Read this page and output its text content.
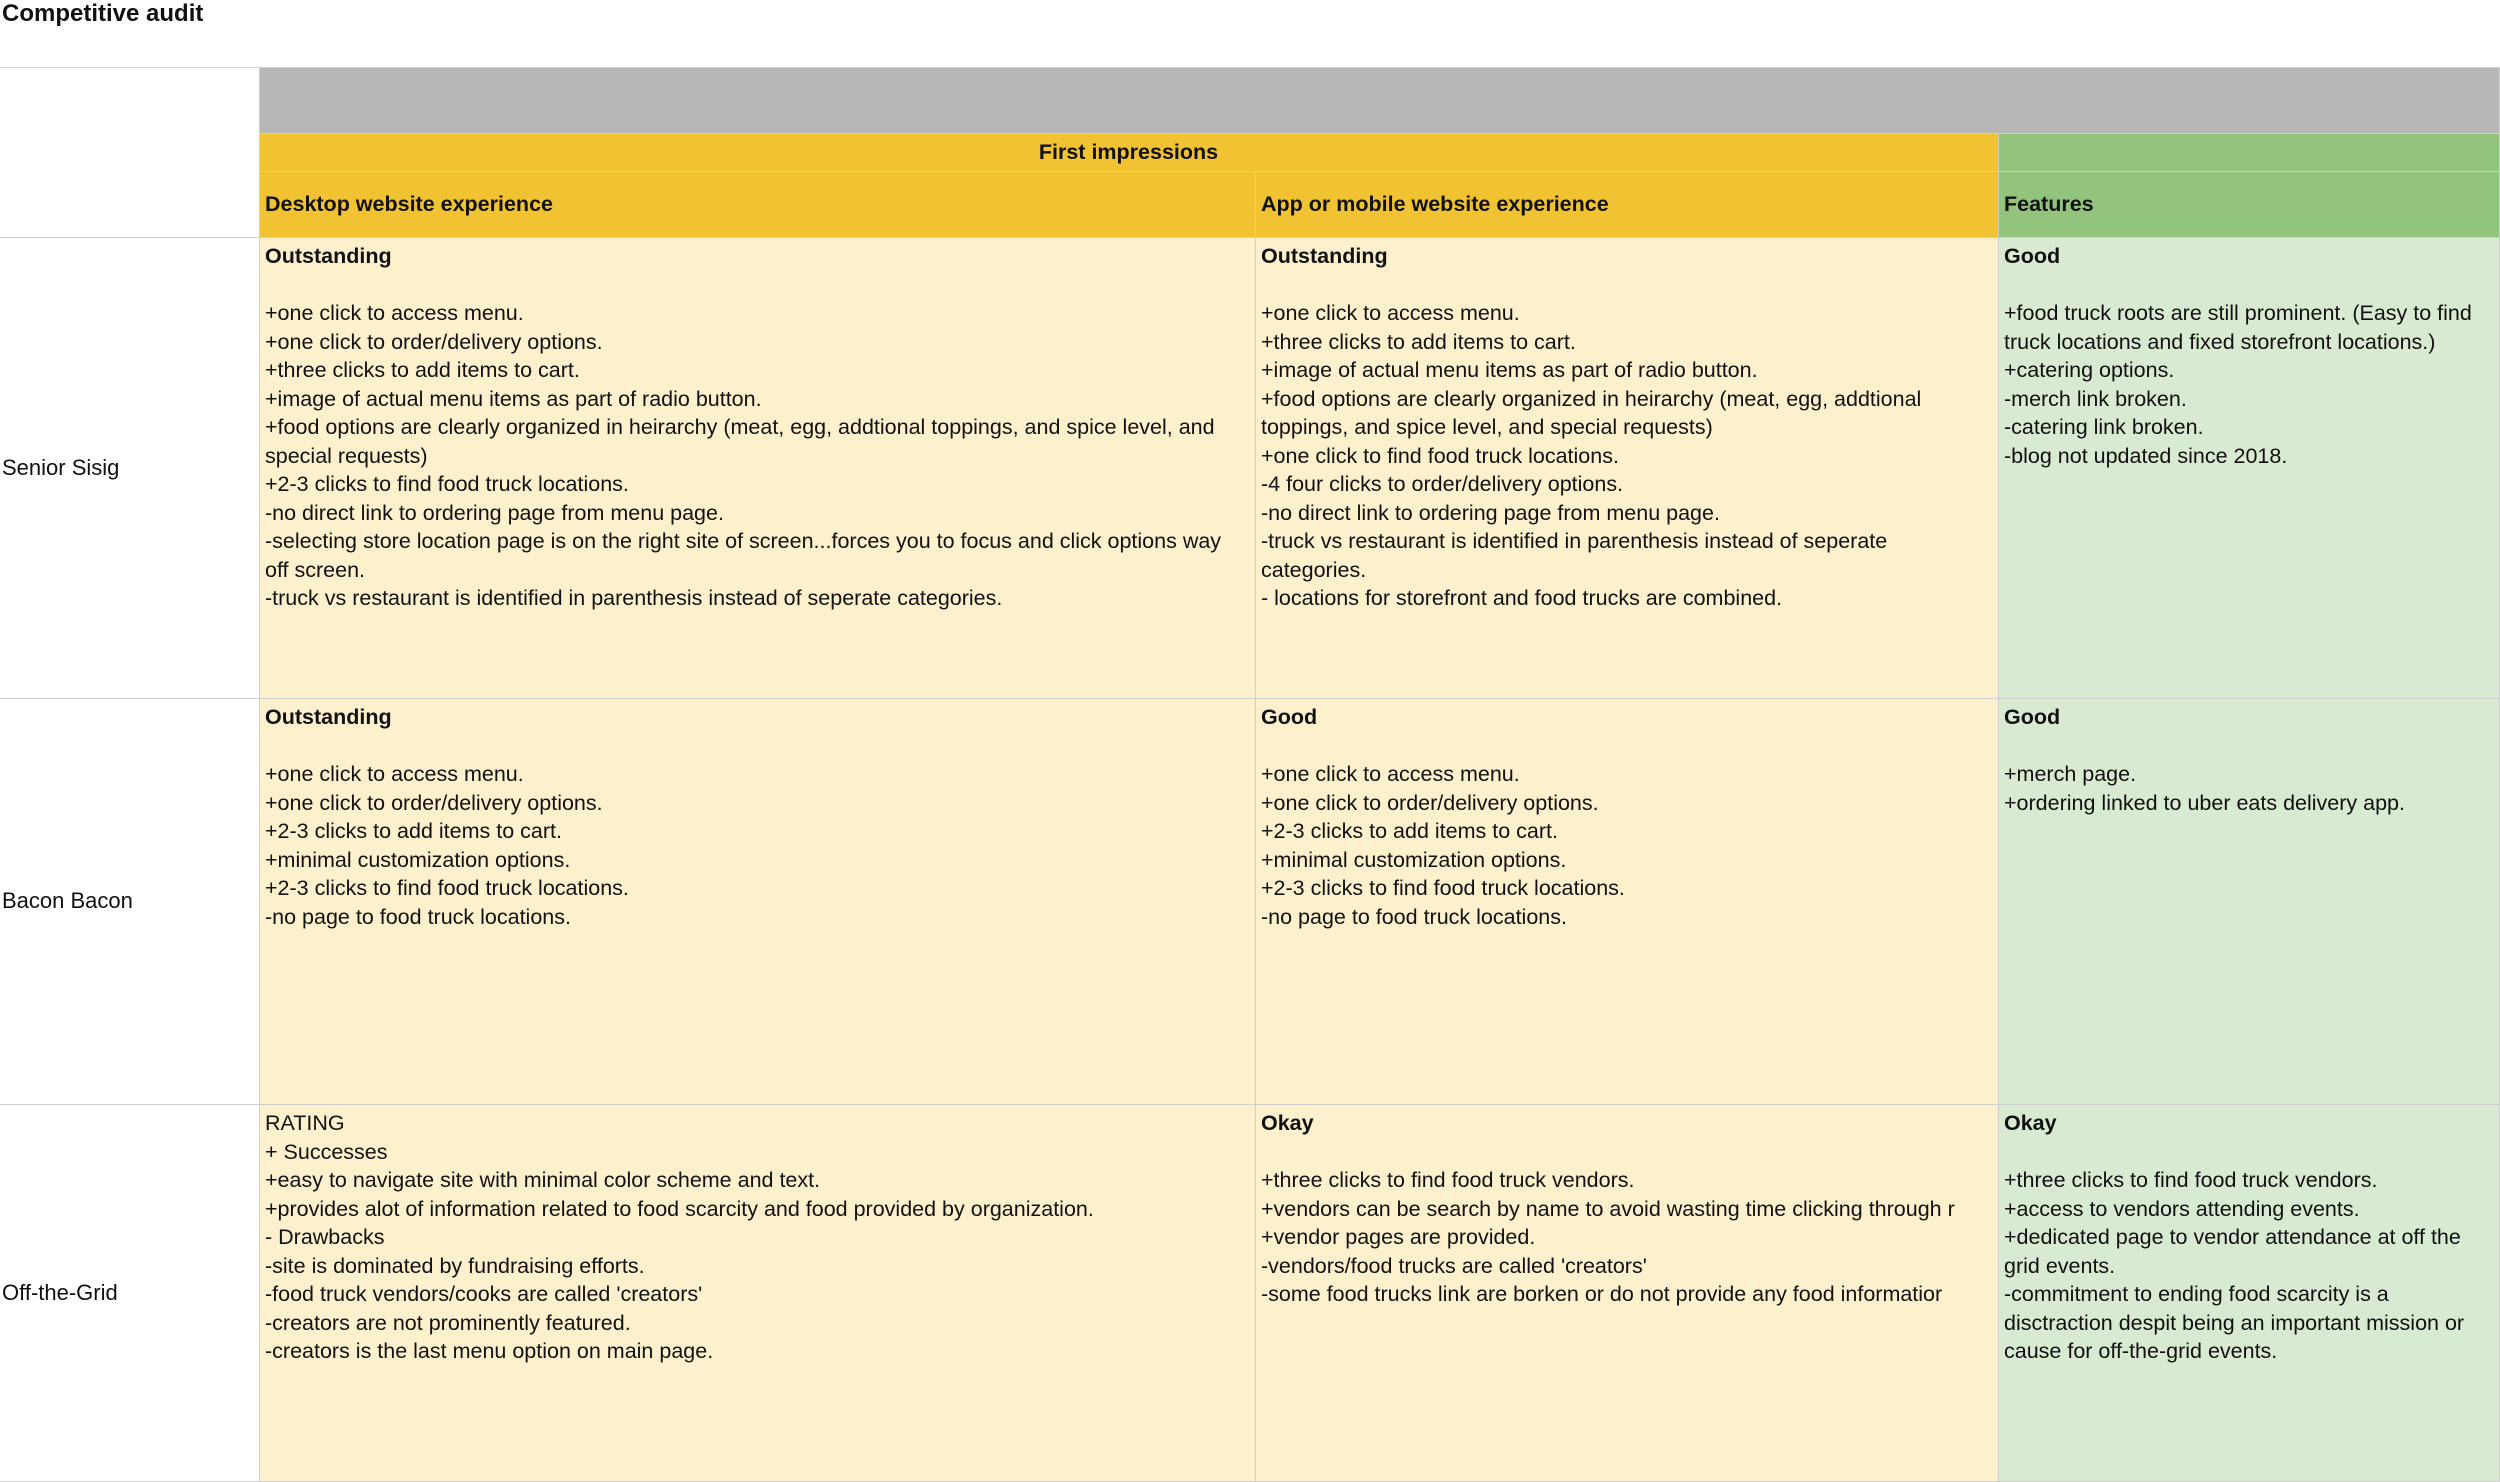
Competitive audit
First impressions
Desktop website experience	App or mobile website experience	Features
Senior Sisig
Outstanding
+one click to access menu.
+one click to order/delivery options.
+three clicks to add items to cart.
+image of actual menu items as part of radio button.
+food options are clearly organized in heirarchy (meat, egg, addtional toppings, and spice level, and special requests)
+2-3 clicks to find food truck locations.
-no direct link to ordering page from menu page.
-selecting store location page is on the right site of screen...forces you to focus and click options way off screen.
-truck vs restaurant is identified in parenthesis instead of seperate categories.
Outstanding
+one click to access menu.
+three clicks to add items to cart.
+image of actual menu items as part of radio button.
+food options are clearly organized in heirarchy (meat, egg, addtional toppings, and spice level, and special requests)
+one click to find food truck locations.
-4 four clicks to order/delivery options.
-no direct link to ordering page from menu page.
-truck vs restaurant is identified in parenthesis instead of seperate categories.
- locations for storefront and food trucks are combined.
Good
+food truck roots are still prominent. (Easy to find truck locations and fixed storefront locations.)
+catering options.
-merch link broken.
-catering link broken.
-blog not updated since 2018.
Bacon Bacon
Outstanding
+one click to access menu.
+one click to order/delivery options.
+2-3 clicks to add items to cart.
+minimal customization options.
+2-3 clicks to find food truck locations.
-no page to food truck locations.
Good
+one click to access menu.
+one click to order/delivery options.
+2-3 clicks to add items to cart.
+minimal customization options.
+2-3 clicks to find food truck locations.
-no page to food truck locations.
Good
+merch page.
+ordering linked to uber eats delivery app.
Off-the-Grid
RATING
+ Successes
+easy to navigate site with minimal color scheme and text.
+provides alot of information related to food scarcity and food provided by organization.
- Drawbacks
-site is dominated by fundraising efforts.
-food truck vendors/cooks are called 'creators'
-creators are not prominently featured.
-creators is the last menu option on main page.
Okay
+three clicks to find food truck vendors.
+vendors can be search by name to avoid wasting time clicking through r
+vendor pages are provided.
-vendors/food trucks are called 'creators'
-some food trucks link are borken or do not provide any food informatior
Okay
+three clicks to find food truck vendors.
+access to vendors attending events.
+dedicated page to vendor attendance at off the grid events.
-commitment to ending food scarcity is a disctraction despit being an important mission or cause for off-the-grid events.
